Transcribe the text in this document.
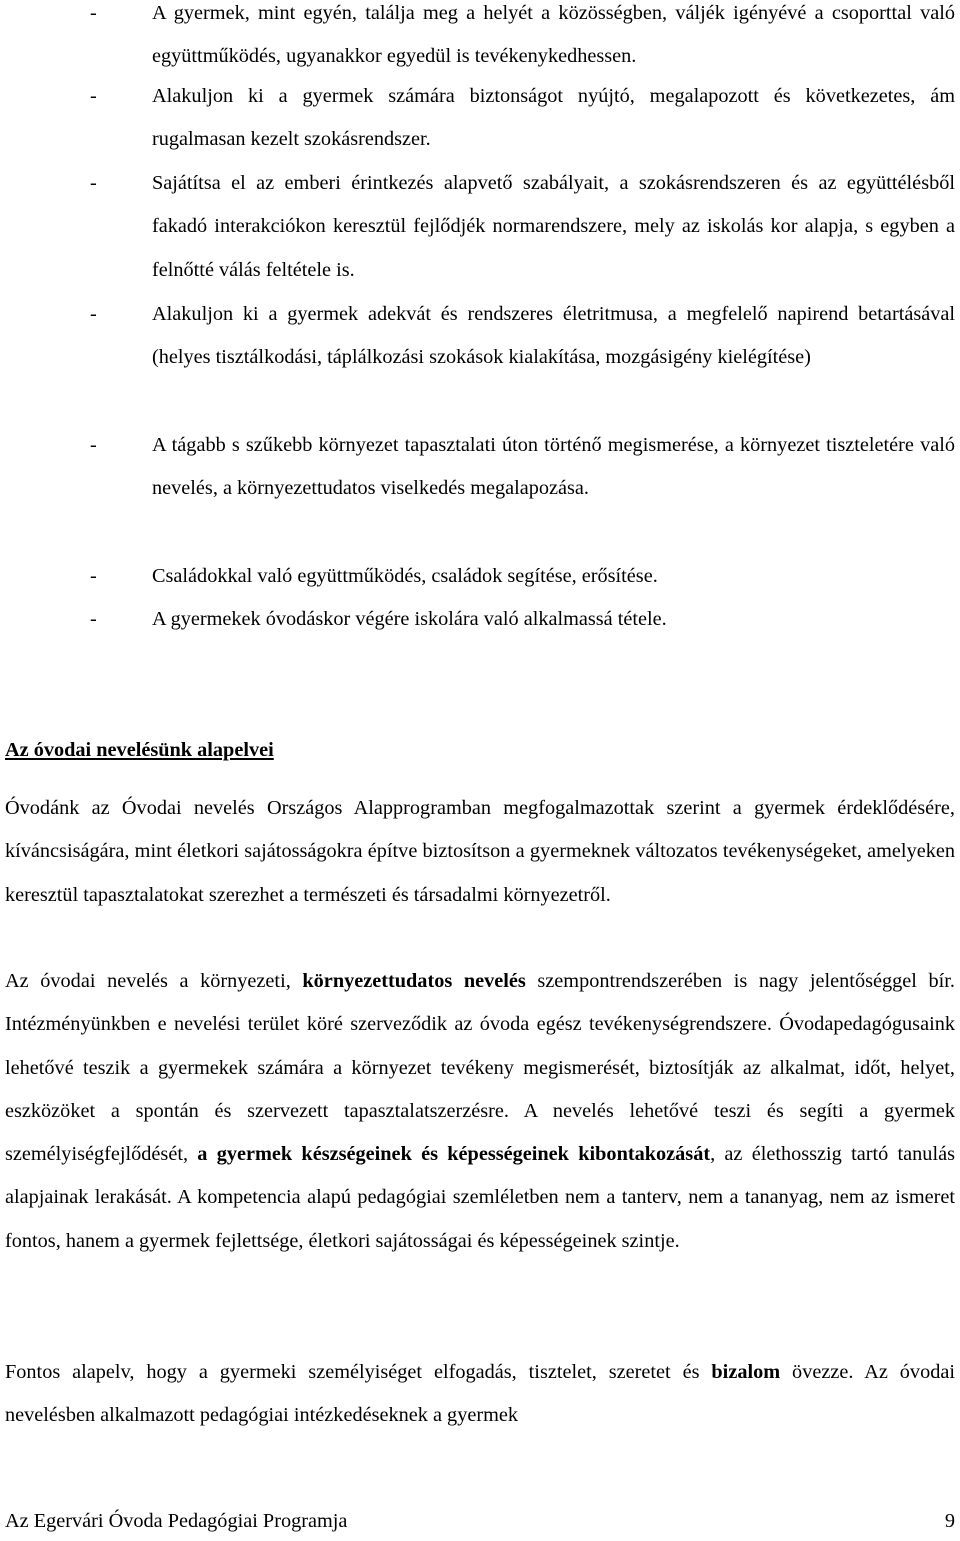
-	A gyermek, mint egyén, találja meg a helyét a közösségben, váljék igényévé a csoporttal való együttműködés, ugyanakkor egyedül is tevékenykedhessen.

-	Alakuljon ki a gyermek számára biztonságot nyújtó, megalapozott és következetes, ám rugalmasan kezelt szokásrendszer.

-	Sajátítsa el az emberi érintkezés alapvető szabályait, a szokásrendszeren és az együttélésből fakadó interakciókon keresztül fejlődjék normarendszere, mely az iskolás kor alapja, s egyben a felnőtté válás feltétele is.

-	Alakuljon ki a gyermek adekvát és rendszeres életritmusa, a megfelelő napirend betartásával (helyes tisztálkodási, táplálkozási szokások kialakítása, mozgásigény kielégítése)

-	A tágabb s szűkebb környezet tapasztalati úton történő megismerése, a környezet tiszteletére való nevelés, a környezettudatos viselkedés megalapozása.

-	Családokkal való együttműködés, családok segítése, erősítése.

-	A gyermekek óvodáskor végére iskolára való alkalmassá tétele.

Az óvodai nevelésünk alapelvei

Óvodánk az Óvodai nevelés Országos Alapprogramban megfogalmazottak szerint a gyermek érdeklődésére, kíváncsiságára, mint életkori sajátosságokra építve biztosítson a gyermeknek változatos tevékenységeket, amelyeken keresztül tapasztalatokat szerezhet a természeti és társadalmi környezetről.

Az óvodai nevelés a környezeti, környezettudatos nevelés szempontrendszerében is nagy jelentőséggel bír. Intézményünkben e nevelési terület köré szerveződik az óvoda egész tevékenységrendszere. Óvodapedagógusaink lehetővé teszik a gyermekek számára a környezet tevékeny megismerését, biztosítják az alkalmat, időt, helyet, eszközöket a spontán és szervezett tapasztalatszerzésre. A nevelés lehetővé teszi és segíti a gyermek személyiségfejlődését, a gyermek készségeinek és képességeinek kibontakozását, az élethosszig tartó tanulás alapjainak lerakását. A kompetencia alapú pedagógiai szemléletben nem a tanterv, nem a tananyag, nem az ismeret fontos, hanem a gyermek fejlettsége, életkori sajátosságai és képességeinek szintje.

Fontos alapelv, hogy a gyermeki személyiséget elfogadás, tisztelet, szeretet és bizalom övezze. Az óvodai nevelésben alkalmazott pedagógiai intézkedéseknek a gyermek

Az Egervári Óvoda Pedagógiai Programja	9
